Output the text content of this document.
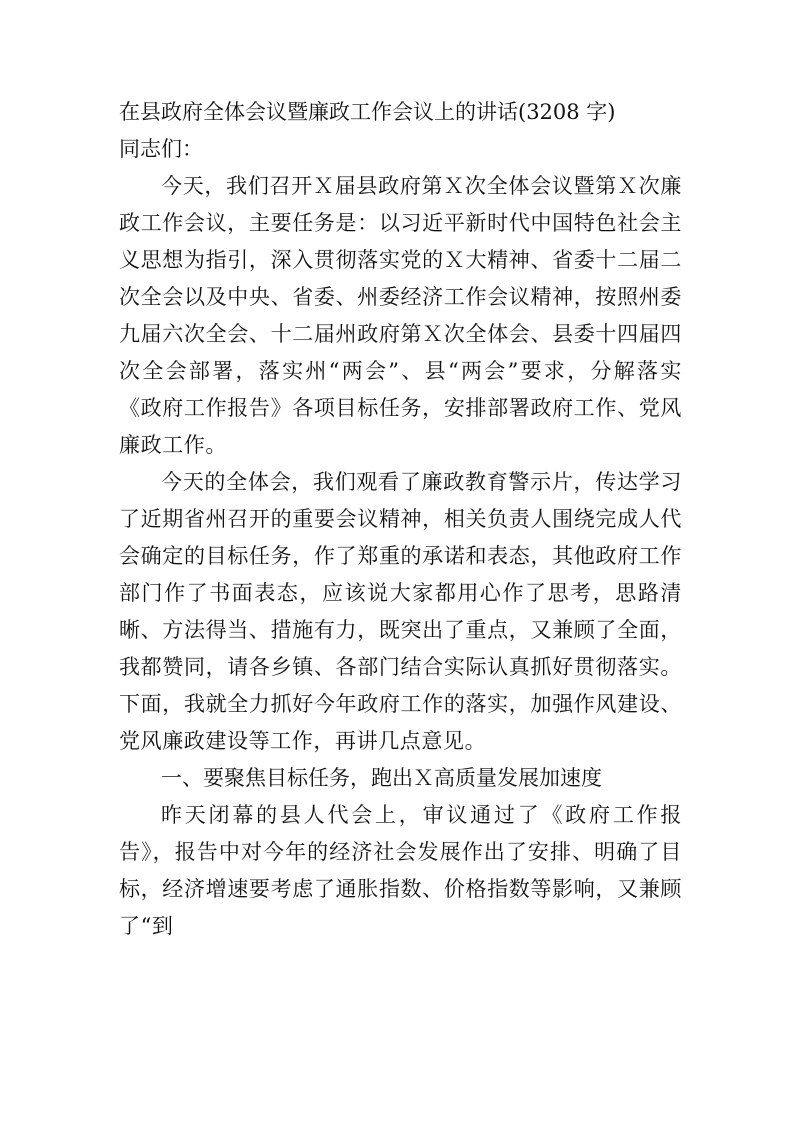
在县政府全体会议暨廉政工作会议上的讲话(3208 字)

同志们：

今天，我们召开Ｘ届县政府第Ｘ次全体会议暨第Ｘ次廉政工作会议，主要任务是：以习近平新时代中国特色社会主义思想为指引，深入贯彻落实党的Ｘ大精神、省委十二届二次全会以及中央、省委、州委经济工作会议精神，按照州委九届六次全会、十二届州政府第Ｘ次全体会、县委十四届四次全会部署，落实州“两会”、县“两会”要求，分解落实《政府工作报告》各项目标任务，安排部署政府工作、党风廉政工作。

今天的全体会，我们观看了廉政教育警示片，传达学习了近期省州召开的重要会议精神，相关负责人围绕完成人代会确定的目标任务，作了郑重的承诺和表态，其他政府工作部门作了书面表态，应该说大家都用心作了思考，思路清晰、方法得当、措施有力，既突出了重点，又兼顾了全面，我都赞同，请各乡镇、各部门结合实际认真抓好贯彻落实。下面，我就全力抓好今年政府工作的落实，加强作风建设、党风廉政建设等工作，再讲几点意见。

一、要聚焦目标任务，跑出Ｘ高质量发展加速度

昨天闭幕的县人代会上，审议通过了《政府工作报告》，报告中对今年的经济社会发展作出了安排、明确了目标，经济增速要考虑了通胀指数、价格指数等影响，又兼顾了“到
